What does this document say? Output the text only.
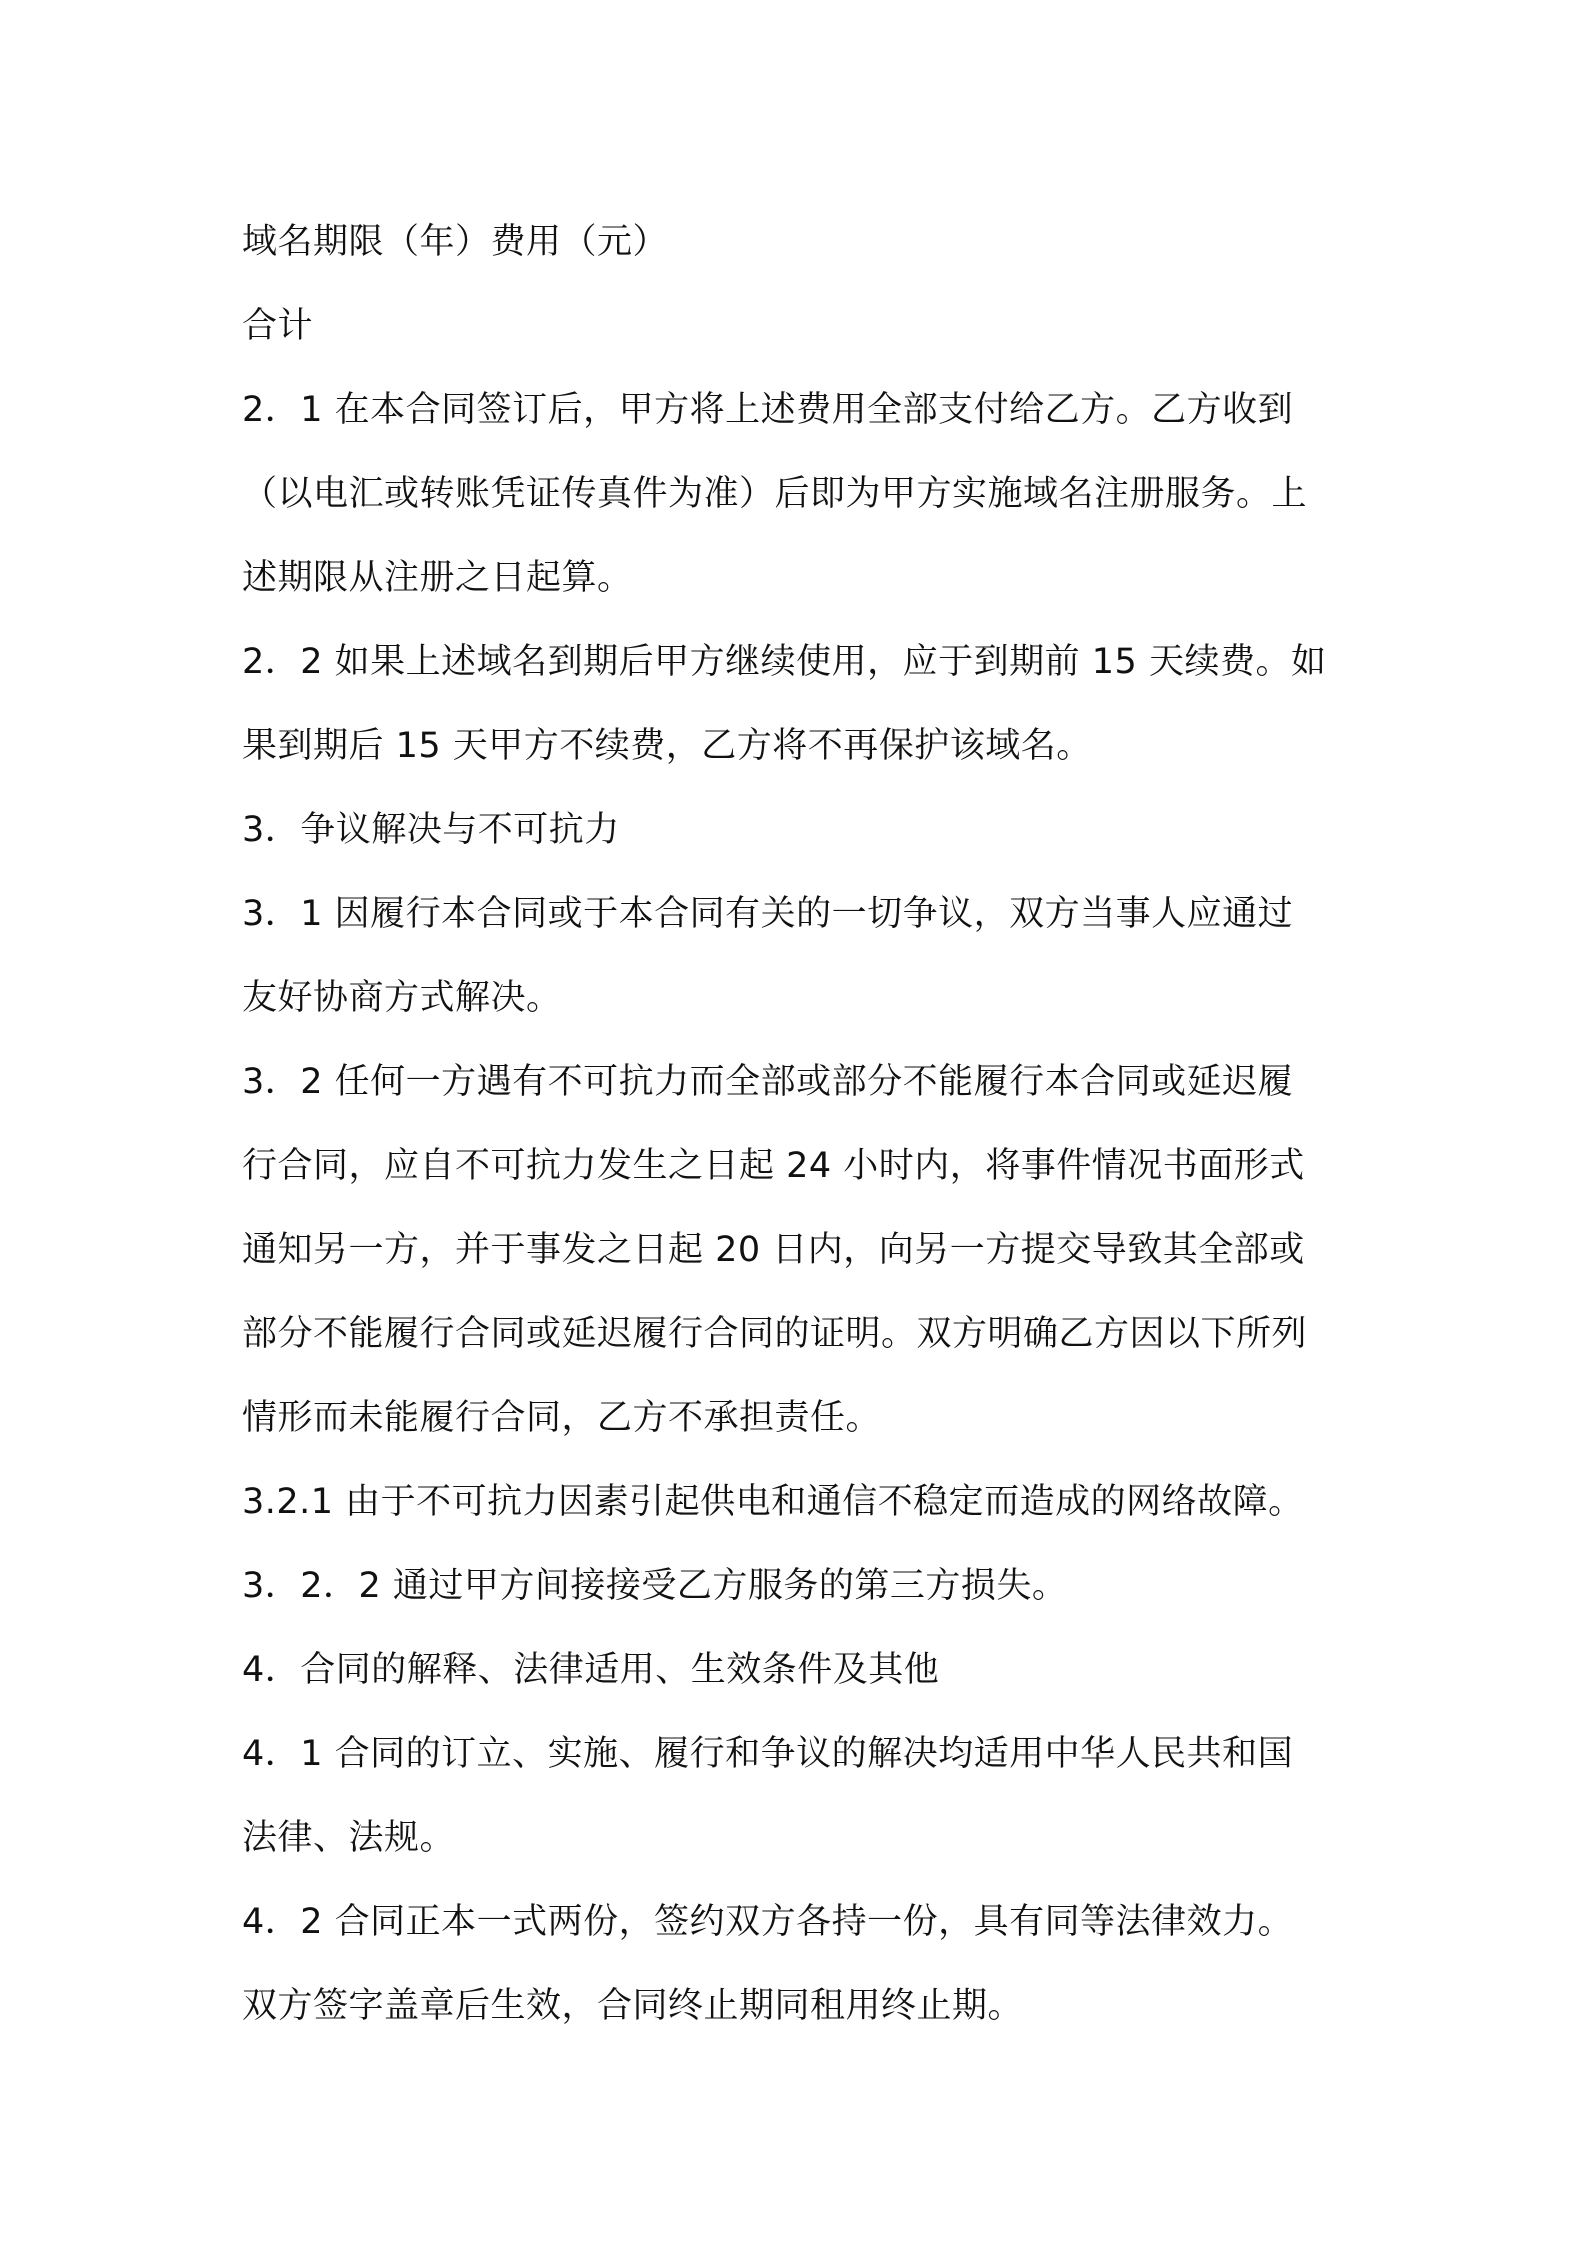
域名期限（年）费用（元）
合计
2．1 在本合同签订后，甲方将上述费用全部支付给乙方。乙方收到
（以电汇或转账凭证传真件为准）后即为甲方实施域名注册服务。上
述期限从注册之日起算。
2．2 如果上述域名到期后甲方继续使用，应于到期前 15 天续费。如
果到期后 15 天甲方不续费，乙方将不再保护该域名。
3．争议解决与不可抗力
3．1 因履行本合同或于本合同有关的一切争议，双方当事人应通过
友好协商方式解决。
3．2 任何一方遇有不可抗力而全部或部分不能履行本合同或延迟履
行合同，应自不可抗力发生之日起 24 小时内，将事件情况书面形式
通知另一方，并于事发之日起 20 日内，向另一方提交导致其全部或
部分不能履行合同或延迟履行合同的证明。双方明确乙方因以下所列
情形而未能履行合同，乙方不承担责任。
3.2.1 由于不可抗力因素引起供电和通信不稳定而造成的网络故障。
3．2．2 通过甲方间接接受乙方服务的第三方损失。
4．合同的解释、法律适用、生效条件及其他
4．1 合同的订立、实施、履行和争议的解决均适用中华人民共和国
法律、法规。
4．2 合同正本一式两份，签约双方各持一份，具有同等法律效力。
双方签字盖章后生效，合同终止期同租用终止期。
